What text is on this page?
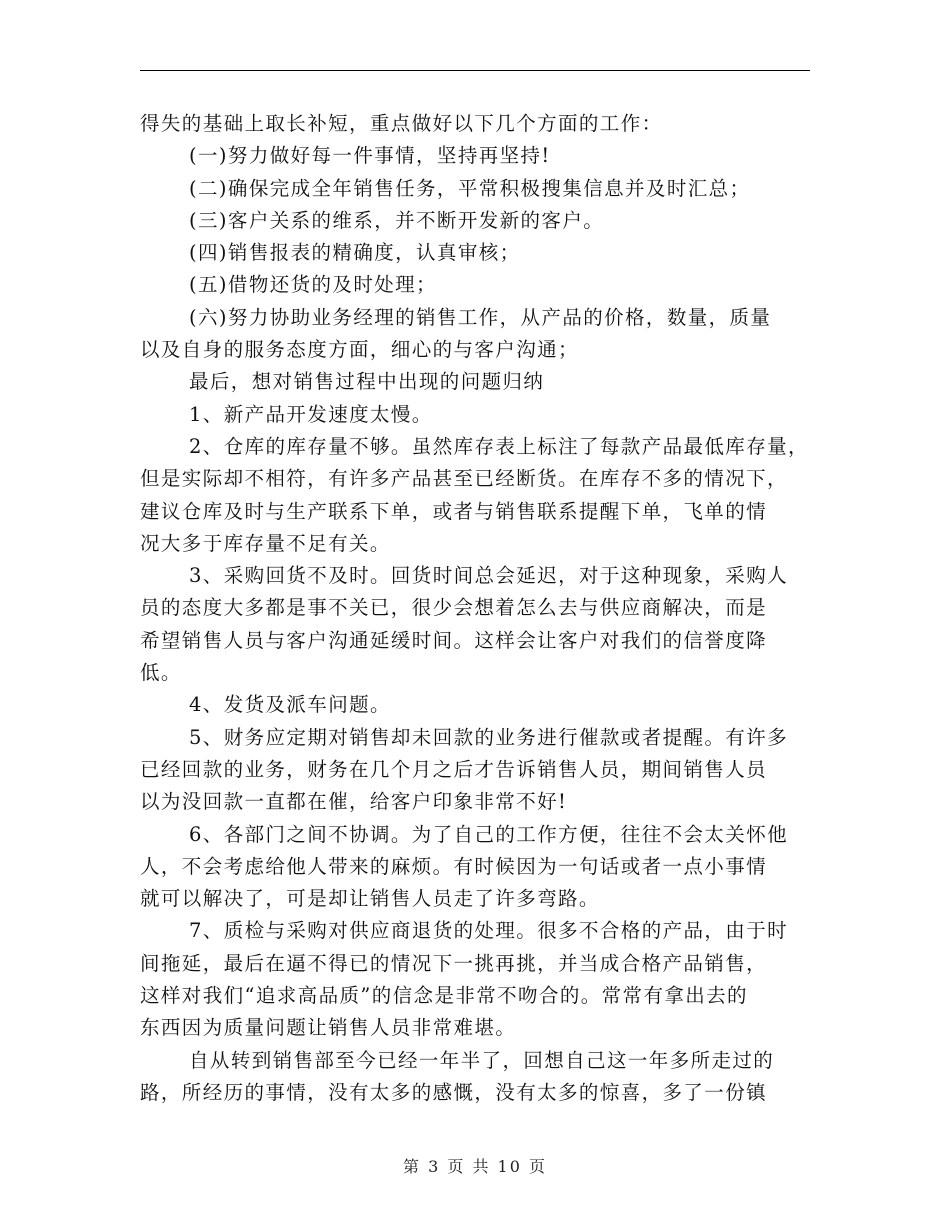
得失的基础上取长补短，重点做好以下几个方面的工作：
(一)努力做好每一件事情，坚持再坚持!
(二)确保完成全年销售任务，平常积极搜集信息并及时汇总；
(三)客户关系的维系，并不断开发新的客户。
(四)销售报表的精确度，认真审核；
(五)借物还货的及时处理；
(六)努力协助业务经理的销售工作，从产品的价格，数量，质量
以及自身的服务态度方面，细心的与客户沟通；
最后，想对销售过程中出现的问题归纳
1、新产品开发速度太慢。
2、仓库的库存量不够。虽然库存表上标注了每款产品最低库存量，
但是实际却不相符，有许多产品甚至已经断货。在库存不多的情况下，
建议仓库及时与生产联系下单，或者与销售联系提醒下单，飞单的情
况大多于库存量不足有关。
3、采购回货不及时。回货时间总会延迟，对于这种现象，采购人
员的态度大多都是事不关已，很少会想着怎么去与供应商解决，而是
希望销售人员与客户沟通延缓时间。这样会让客户对我们的信誉度降
低。
4、发货及派车问题。
5、财务应定期对销售却未回款的业务进行催款或者提醒。有许多
已经回款的业务，财务在几个月之后才告诉销售人员，期间销售人员
以为没回款一直都在催，给客户印象非常不好!
6、各部门之间不协调。为了自己的工作方便，往往不会太关怀他
人，不会考虑给他人带来的麻烦。有时候因为一句话或者一点小事情
就可以解决了，可是却让销售人员走了许多弯路。
7、质检与采购对供应商退货的处理。很多不合格的产品，由于时
间拖延，最后在逼不得已的情况下一挑再挑，并当成合格产品销售，
这样对我们“追求高品质”的信念是非常不吻合的。常常有拿出去的
东西因为质量问题让销售人员非常难堪。
自从转到销售部至今已经一年半了，回想自己这一年多所走过的
路，所经历的事情，没有太多的感慨，没有太多的惊喜，多了一份镇
第 3 页 共 10 页
